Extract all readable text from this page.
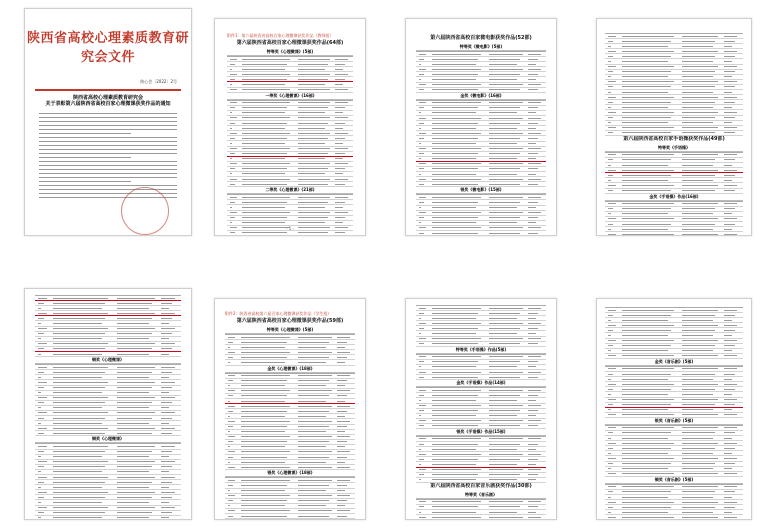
陕西省高校心理素质教育研究会文件
陕心会〔2022〕2号
陕西省高校心理素质教育研究会
关于表彰第六届陕西省高校百家心理微课获奖作品的通知
附件1：第六届陕西省高校百家心理微课获奖作品（教师组）
第六届陕西省高校百家心理微课获奖作品(64部)
特等奖《心理微课》(5部)
一等奖《心理微课》(16部)
二等奖《心理微课》(21部)
- 1 -
第六届陕西省高校百家微电影获奖作品(52部)
特等奖《微电影》(5部)
金奖《微电影》(16部)
银奖《微电影》(15部)
第六届陕西省高校百家手语操获奖作品(49部)
特等奖《手语操》
金奖《手语操》作品(16部)
铜奖《心理微课》
铜奖《心理微课》
附件2：陕西省高校第六届百家心理微课获奖作品（学生组）
第六届陕西省高校百家心理微课获奖作品(59部)
特等奖《心理微课》(5部)
金奖《心理微课》(18部)
银奖《心理微课》(18部)
特等奖《手语操》作品(5部)
金奖《手语操》作品(14部)
银奖《手语操》作品(15部)
第六届陕西省高校百家音乐剧获奖作品(30部)
特等奖《音乐剧》
金奖《音乐剧》(5部)
银奖《音乐剧》(5部)
铜奖《音乐剧》(5部)
